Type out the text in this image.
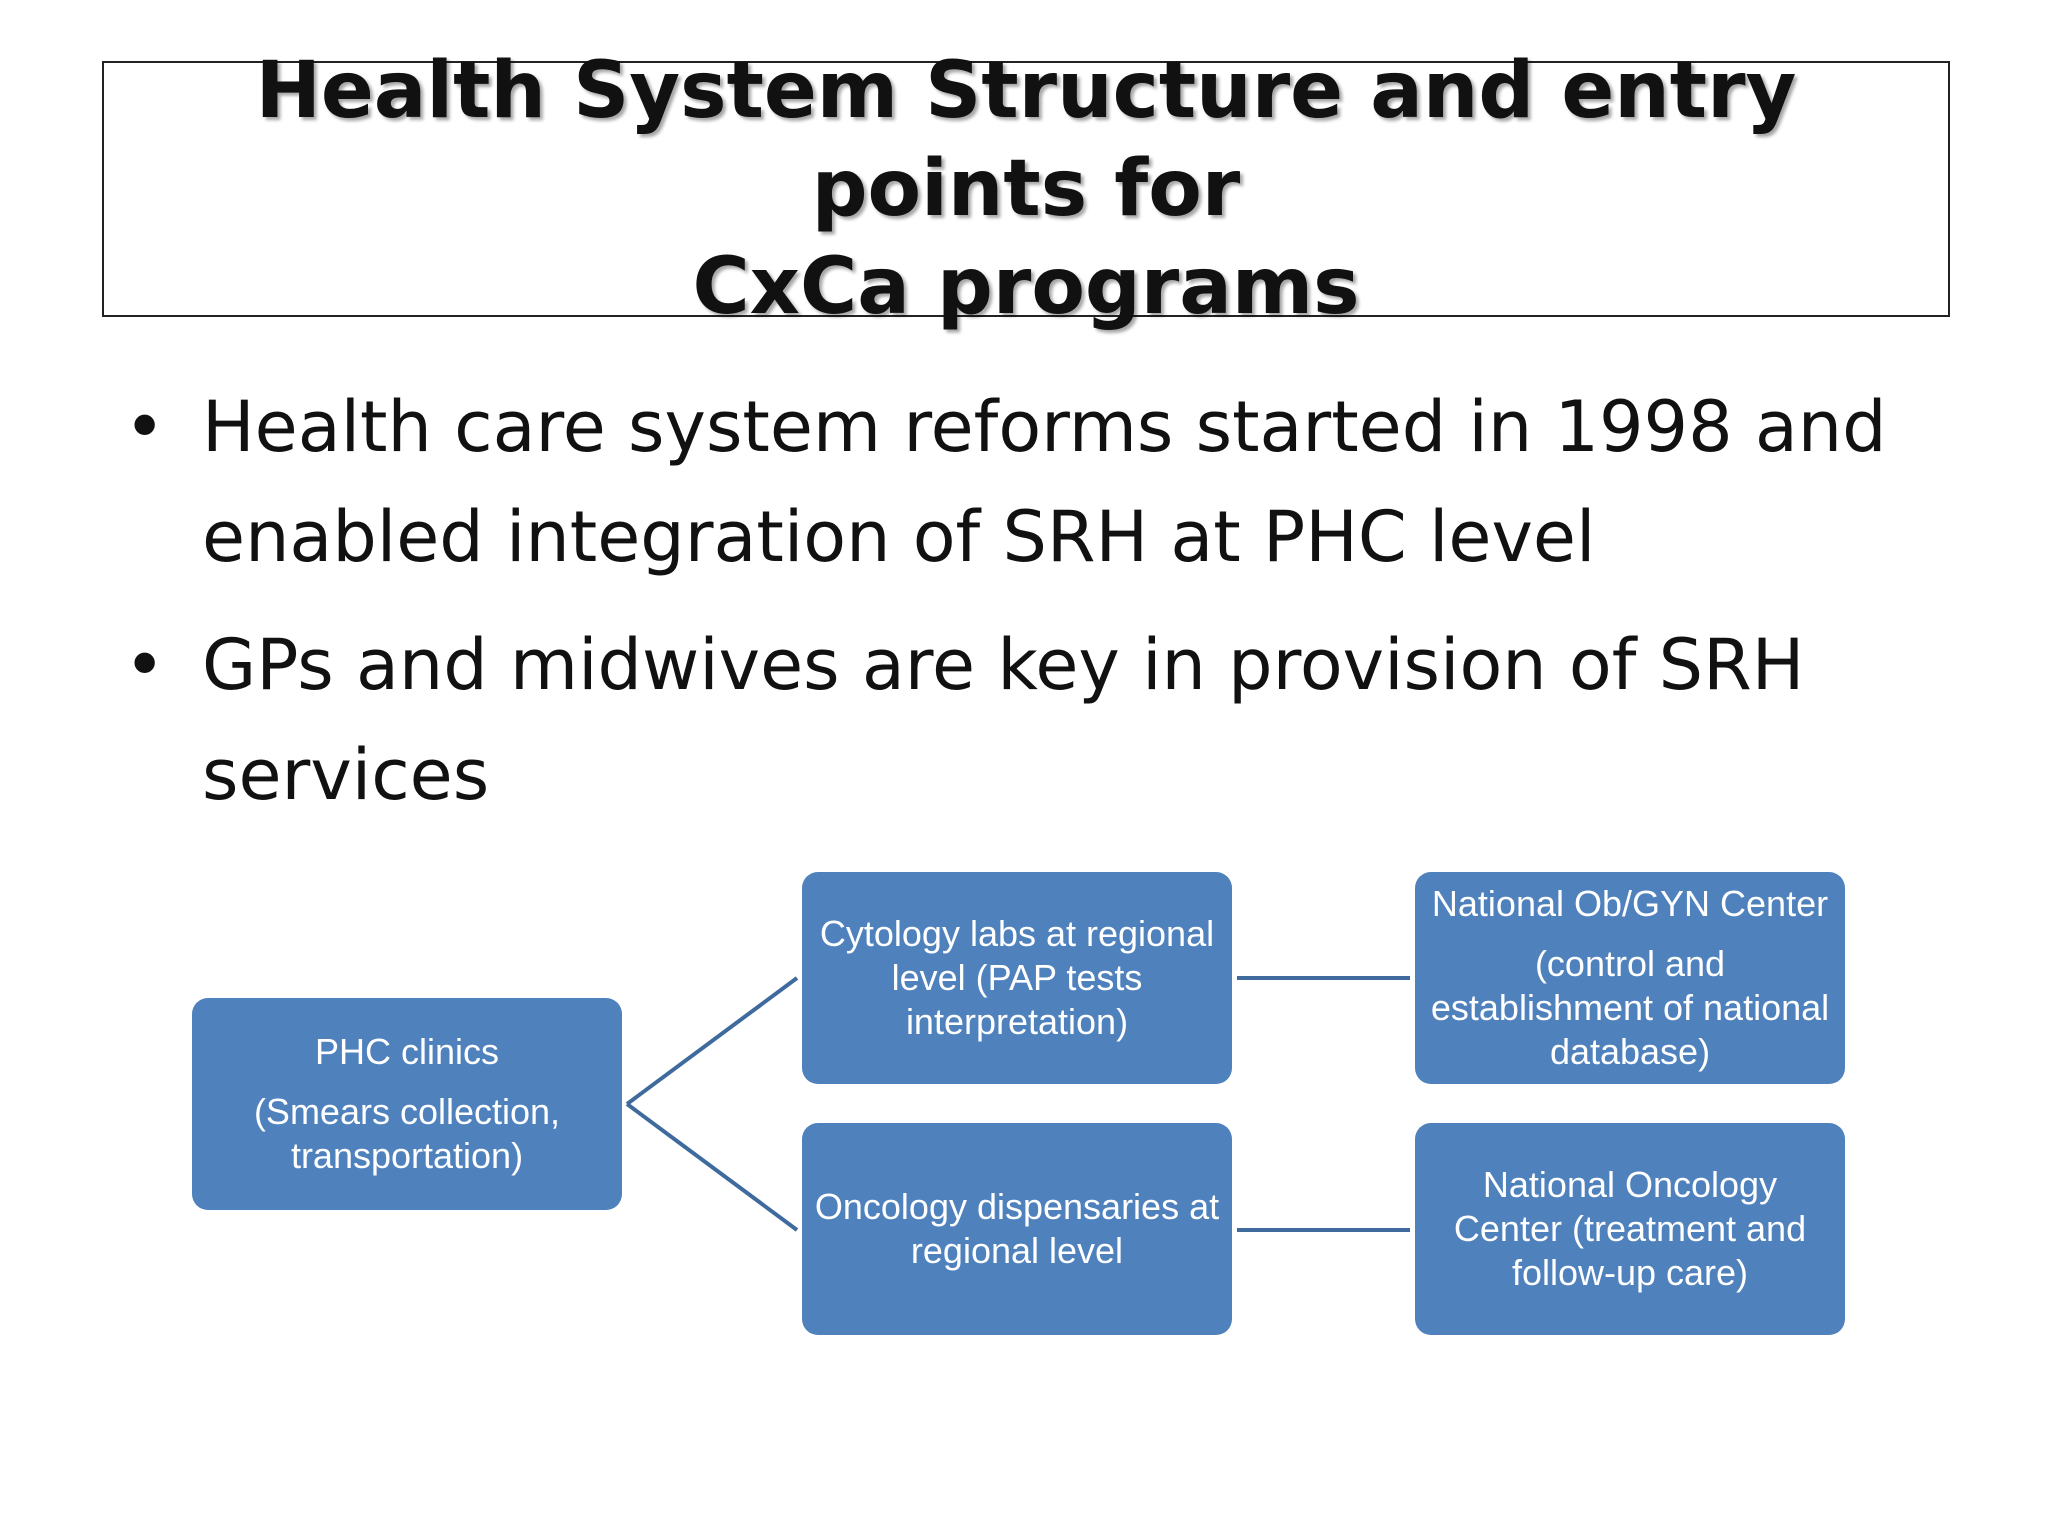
Health System Structure and entry points for
CxCa programs
• Health care system reforms started in 1998 and enabled integration of SRH at PHC level
• GPs and midwives are key in provision of SRH services

PHC clinics

(Smears collection, transportation)

Cytology labs at regional level (PAP tests interpretation)

Oncology dispensaries at regional level

National Ob/GYN Center

(control and establishment of national database)

National Oncology Center (treatment and follow-up care)
